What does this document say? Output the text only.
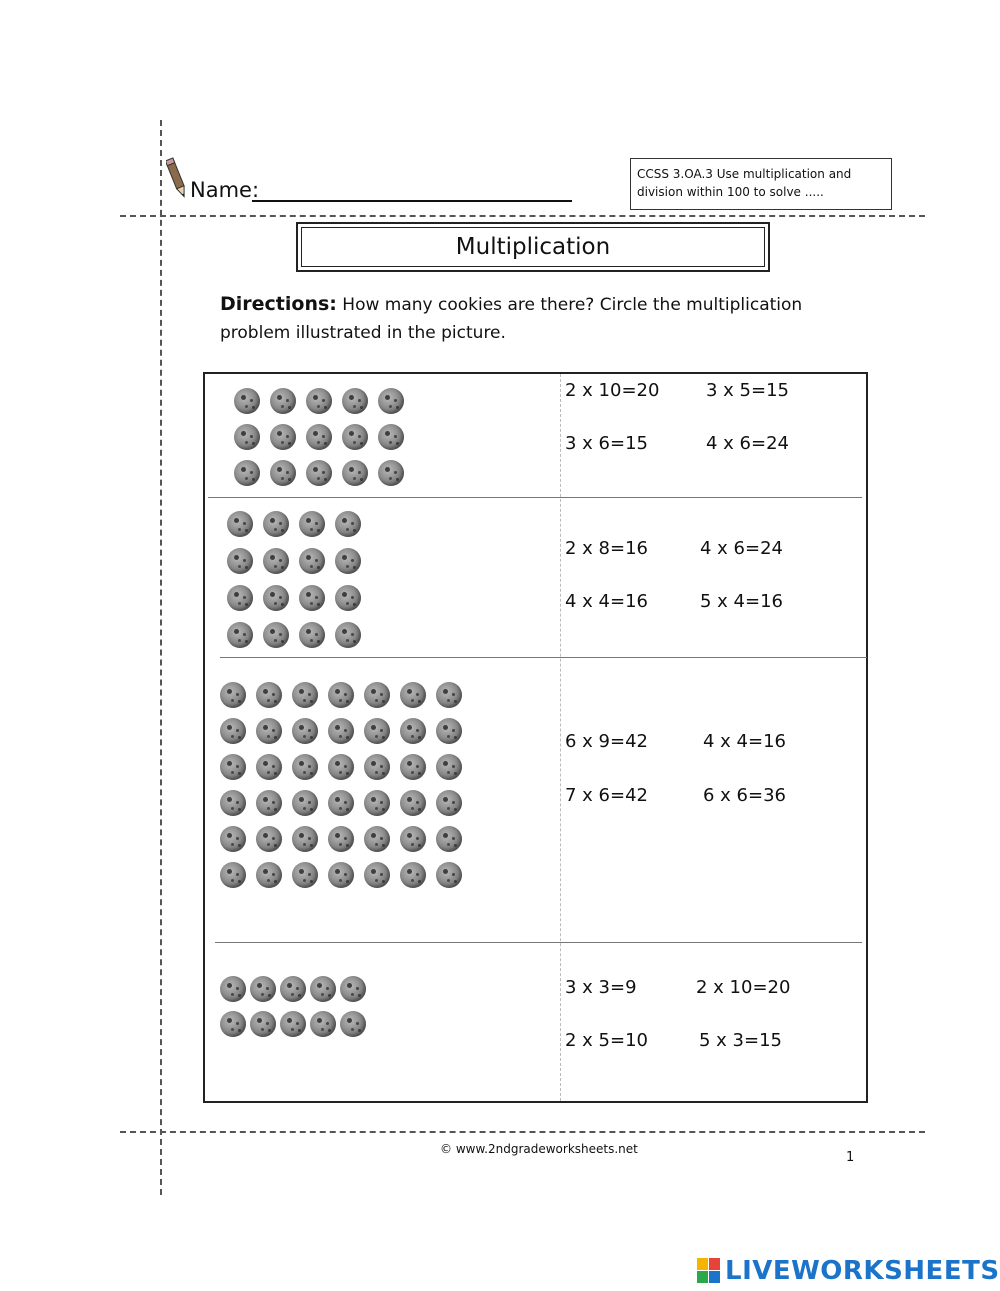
Name:
CCSS 3.OA.3 Use multiplication and
division within 100 to solve .....
Multiplication
Directions: How many cookies are there? Circle the multiplication
problem illustrated in the picture.
2 x 10=20	3 x 5=15
3 x 6=15	4 x 6=24
2 x 8=16	4 x 6=24
4 x 4=16	5 x 4=16
6 x 9=42	4 x 4=16
7 x 6=42	6 x 6=36
3 x 3=9	2 x 10=20
2 x 5=10	5 x 3=15
© www.2ndgradeworksheets.net
1
LIVEWORKSHEETS
